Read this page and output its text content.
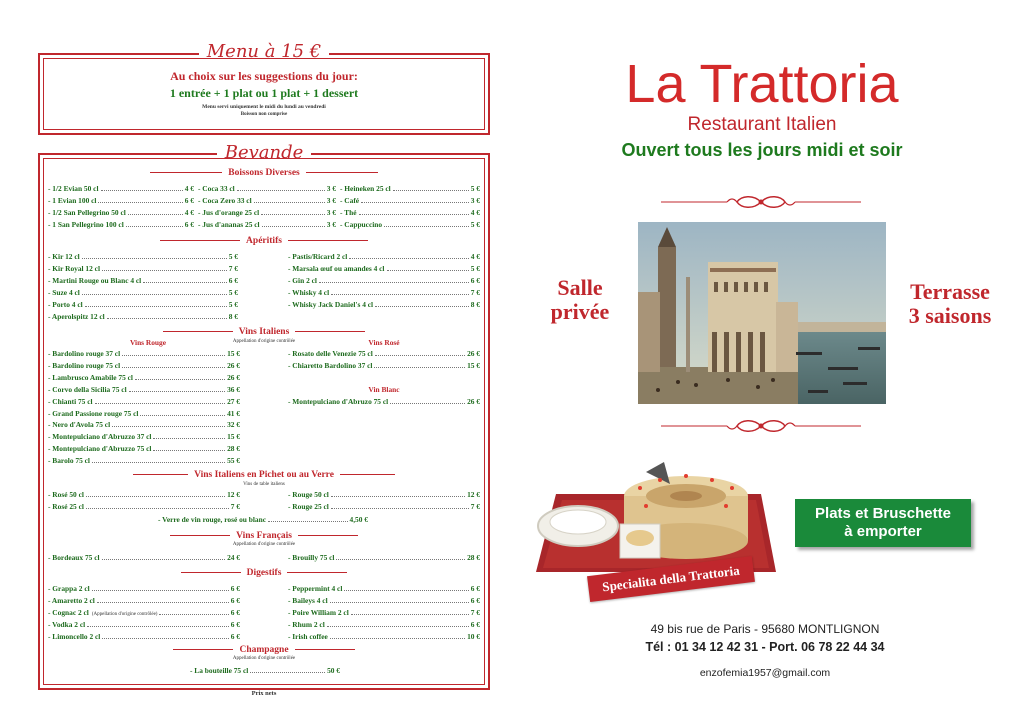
Menu à 15 €
Au choix sur les suggestions du jour:
1 entrée + 1 plat ou 1 plat + 1 dessert
Menu servi uniquement le midi du lundi au vendredi
Boisson non comprise
Bevande
Boissons Diverses
- 1/2 Evian 50 cl	4 €
- 1 Evian 100 cl	6 €
- 1/2 San Pellegrino 50 cl	4 €
- 1 San Pellegrino 100 cl	6 €
- Coca 33 cl	3 €
- Coca Zero 33 cl	3 €
- Jus d'orange 25 cl	3 €
- Jus d'ananas 25 cl	3 €
- Heineken 25 cl	5 €
- Café	3 €
- Thé	4 €
- Cappuccino	5 €
Apéritifs
- Kir 12 cl	5 €
- Kir Royal 12 cl	7 €
- Martini Rouge ou Blanc 4 cl	6 €
- Suze 4 cl	5 €
- Porto 4 cl	5 €
- Aperolspitz 12 cl	8 €
- Pastis/Ricard 2 cl	4 €
- Marsala œuf ou amandes 4 cl	5 €
- Gin 2 cl	6 €
- Whisky 4 cl	7 €
- Whisky Jack Daniel's 4 cl	8 €
Vins Italiens
Vins Rouge	Appellation d'origine contrôlée	Vins Rosé
- Bardolino rouge 37 cl	15 €
- Bardolino rouge 75 cl	26 €
- Lambrusco Amabile 75 cl	26 €
- Corvo della Sicilia 75 cl	36 €
- Chianti 75 cl	27 €
- Grand Passione rouge 75 cl	41 €
- Nero d'Avola 75 cl	32 €
- Montepulciano d'Abruzzo 37 cl	15 €
- Montepulciano d'Abruzzo 75 cl	28 €
- Barolo 75 cl	55 €
- Rosato delle Venezie 75 cl	26 €
- Chiaretto Bardolino 37 cl	15 €
Vin Blanc
- Montepulciano d'Abruzo 75 cl	26 €
Vins Italiens en Pichet ou au Verre
Vins de table italiens
- Rosé 50 cl	12 €
- Rosé 25 cl	7 €
- Rouge 50 cl	12 €
- Rouge 25 cl	7 €
- Verre de vin rouge, rosé ou blanc	4,50 €
Vins Français
Appellation d'origine contrôlée
- Bordeaux 75 cl	24 €	- Brouilly 75 cl	28 €
Digestifs
- Grappa 2 cl	6 €
- Amaretto 2 cl	6 €
- Cognac 2 cl (Appellation d'origine contrôlée)	6 €
- Vodka 2 cl	6 €
- Limoncello 2 cl	6 €
- Peppermint 4 cl	6 €
- Baileys 4 cl	6 €
- Poire William 2 cl	7 €
- Rhum 2 cl	6 €
- Irish coffee	10 €
Champagne
Appellation d'origine contrôlée
- La bouteille 75 cl	50 €
Prix nets
La Trattoria
Restaurant Italien
Ouvert tous les jours midi et soir
Salle
privée
Terrasse
3 saisons
Specialita della Trattoria
Plats et Bruschette
à emporter
49 bis rue de Paris - 95680 MONTLIGNON
Tél : 01 34 12 42 31 - Port. 06 78 22 44 34
enzofemia1957@gmail.com
